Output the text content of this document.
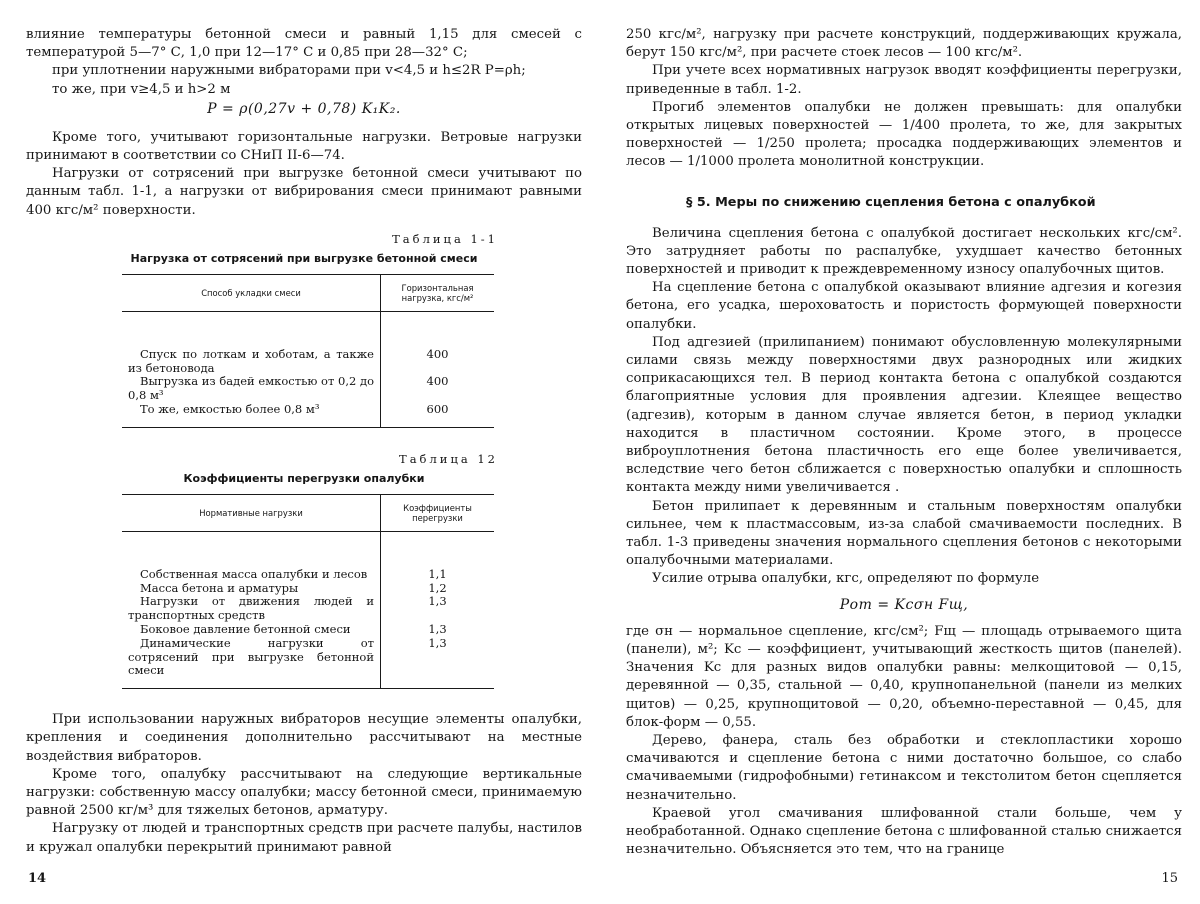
влияние температуры бетонной смеси и равный 1,15 для смесей с температурой 5—7° С, 1,0 при 12—17° С и 0,85 при 28—32° С;

при уплотнении наружными вибраторами при v<4,5 и h≤2R P=ρh;

то же, при v≥4,5 и h>2 м

P = ρ(0,27v + 0,78) K₁K₂.

Кроме того, учитывают горизонтальные нагрузки. Ветровые нагрузки принимают в соответствии со СНиП II-6—74.

Нагрузки от сотрясений при выгрузке бетонной смеси учитывают по данным табл. 1-1, а нагрузки от вибрирования смеси принимают равными 400 кгс/м² поверхности.

Таблица 1-1
Нагрузка от сотрясений при выгрузке бетонной смеси
Способ укладки смеси	Горизонтальная нагрузка, кгс/м²

Спуск по лоткам и хоботам, а также из бетоновода	400

Выгрузка из бадей емкостью от 0,2 до 0,8 м³	400

То же, емкостью более 0,8 м³	600
Таблица 12
Коэффициенты перегрузки опалубки
Нормативные нагрузки	Коэффициенты перегрузки

Собственная масса опалубки и лесов	1,1

Масса бетона и арматуры	1,2

Нагрузки от движения людей и транспортных средств	1,3

Боковое давление бетонной смеси	1,3

Динамические нагрузки от сотрясений при выгрузке бетонной смеси	1,3

При использовании наружных вибраторов несущие элементы опалубки, крепления и соединения дополнительно рассчитывают на местные воздействия вибраторов.

Кроме того, опалубку рассчитывают на следующие вертикальные нагрузки: собственную массу опалубки; массу бетонной смеси, принимаемую равной 2500 кг/м³ для тяжелых бетонов, арматуру.

Нагрузку от людей и транспортных средств при расчете палубы, настилов и кружал опалубки перекрытий принимают равной

14

250 кгс/м², нагрузку при расчете конструкций, поддерживающих кружала, берут 150 кгс/м², при расчете стоек лесов — 100 кгс/м².

При учете всех нормативных нагрузок вводят коэффициенты перегрузки, приведенные в табл. 1-2.

Прогиб элементов опалубки не должен превышать: для опалубки открытых лицевых поверхностей — 1/400 пролета, то же, для закрытых поверхностей — 1/250 пролета; просадка поддерживающих элементов и лесов — 1/1000 пролета монолитной конструкции.

§ 5. Меры по снижению сцепления бетона с опалубкой

Величина сцепления бетона с опалубкой достигает нескольких кгс/см². Это затрудняет работы по распалубке, ухудшает качество бетонных поверхностей и приводит к преждевременному износу опалубочных щитов.

На сцепление бетона с опалубкой оказывают влияние адгезия и когезия бетона, его усадка, шероховатость и пористость формующей поверхности опалубки.

Под адгезией (прилипанием) понимают обусловленную молекулярными силами связь между поверхностями двух разнородных или жидких соприкасающихся тел. В период контакта бетона с опалубкой создаются благоприятные условия для проявления адгезии. Клеящее вещество (адгезив), которым в данном случае является бетон, в период укладки находится в пластичном состоянии. Кроме этого, в процессе виброуплотнения бетона пластичность его еще более увеличивается, вследствие чего бетон сближается с поверхностью опалубки и сплошность контакта между ними увеличивается .

Бетон прилипает к деревянным и стальным поверхностям опалубки сильнее, чем к пластмассовым, из-за слабой смачиваемости последних. В табл. 1-3 приведены значения нормального сцепления бетонов с некоторыми опалубочными материалами.

Усилие отрыва опалубки, кгс, определяют по формуле

Pот = Kсσн Fщ,

где σн — нормальное сцепление, кгс/см²; Fщ — площадь отрываемого щита (панели), м²; Kс — коэффициент, учитывающий жесткость щитов (панелей). Значения Kс для разных видов опалубки равны: мелкощитовой — 0,15, деревянной — 0,35, стальной — 0,40, крупнопанельной (панели из мелких щитов) — 0,25, крупнощитовой — 0,20, объемно-переставной — 0,45, для блок-форм — 0,55.

Дерево, фанера, сталь без обработки и стеклопластики хорошо смачиваются и сцепление бетона с ними достаточно большое, со слабо смачиваемыми (гидрофобными) гетинаксом и текстолитом бетон сцепляется незначительно.

Краевой угол смачивания шлифованной стали больше, чем у необработанной. Однако сцепление бетона с шлифованной сталью снижается незначительно. Объясняется это тем, что на границе

15
